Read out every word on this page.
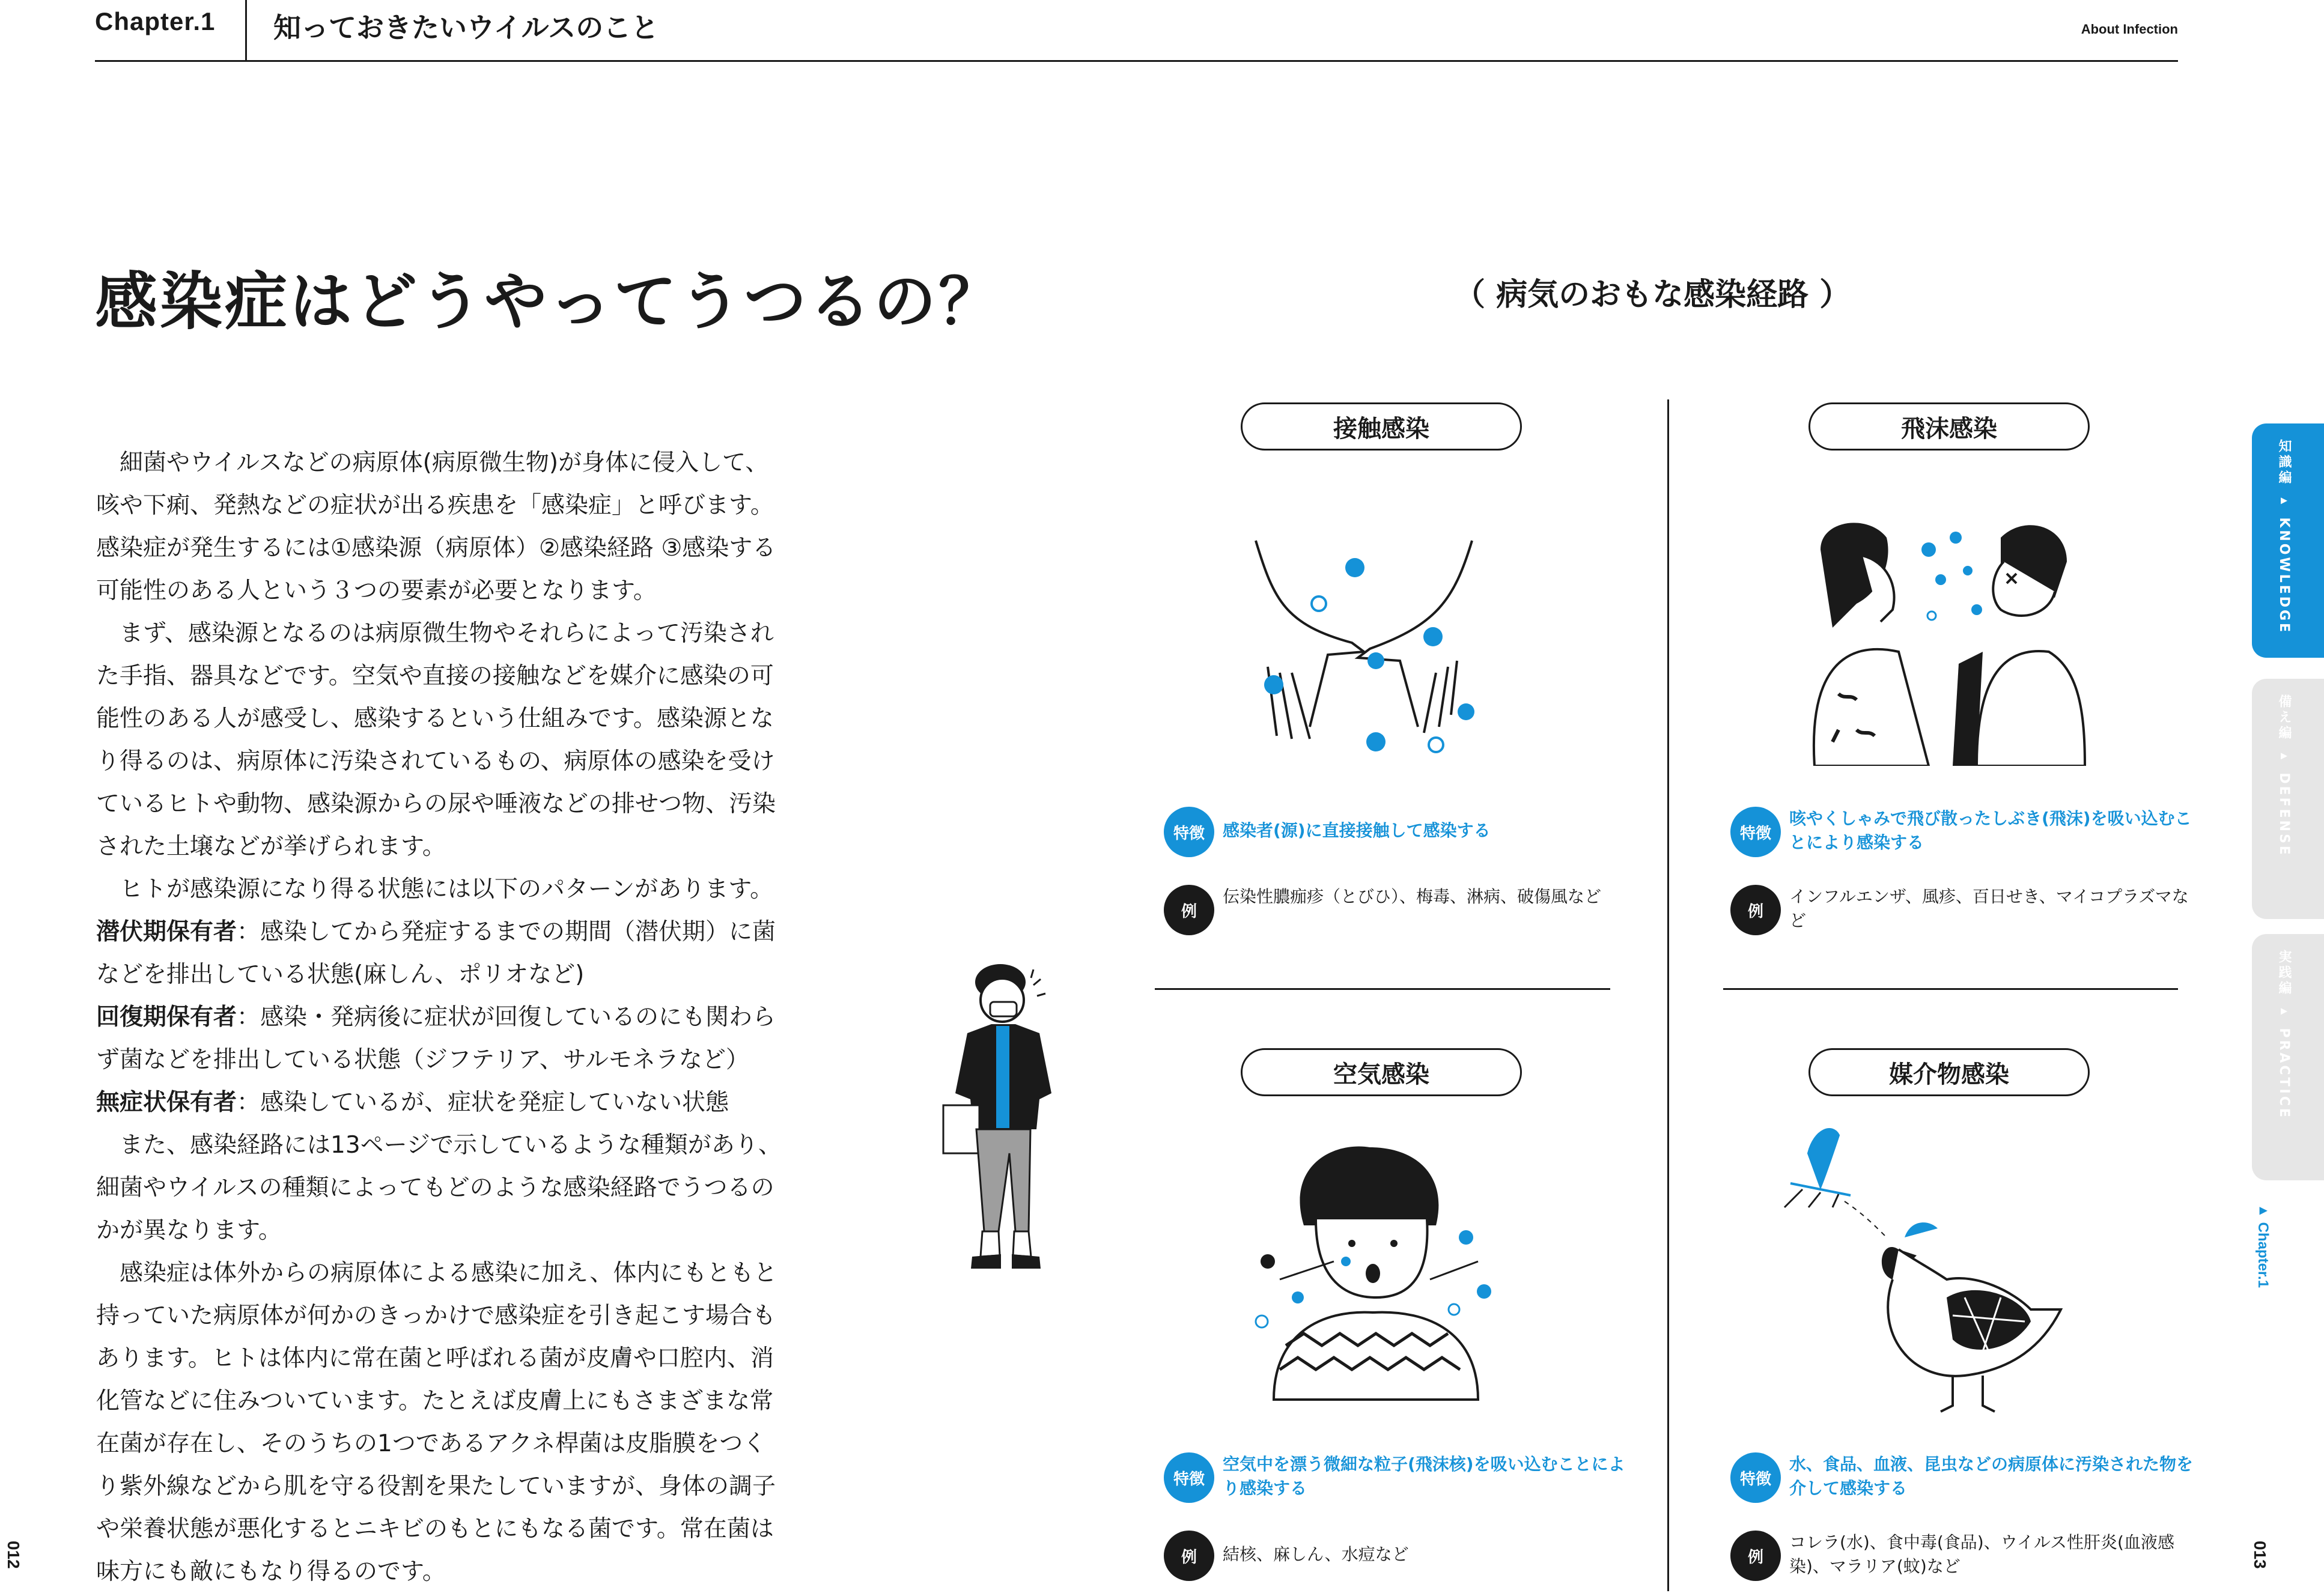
Chapter.1 知っておきたいウイルスのこと	About Infection
感染症はどうやってうつるの？	（ 病気のおもな感染経路 ）

細菌やウイルスなどの病原体(病原微生物)が身体に侵入して、咳や下痢、発熱などの症状が出る疾患を「感染症」と呼びます。感染症が発生するには①感染源（病原体）②感染経路 ③感染する可能性のある人という３つの要素が必要となります。

まず、感染源となるのは病原微生物やそれらによって汚染された手指、器具などです。空気や直接の接触などを媒介に感染の可能性のある人が感受し、感染するという仕組みです。感染源となり得るのは、病原体に汚染されているもの、病原体の感染を受けているヒトや動物、感染源からの尿や唾液などの排せつ物、汚染された土壌などが挙げられます。

ヒトが感染源になり得る状態には以下のパターンがあります。

潜伏期保有者：感染してから発症するまでの期間（潜伏期）に菌などを排出している状態(麻しん、ポリオなど)

回復期保有者：感染・発病後に症状が回復しているのにも関わらず菌などを排出している状態（ジフテリア、サルモネラなど）

無症状保有者：感染しているが、症状を発症していない状態

また、感染経路には13ページで示しているような種類があり、細菌やウイルスの種類によってもどのような感染経路でうつるのかが異なります。

感染症は体外からの病原体による感染に加え、体内にもともと持っていた病原体が何かのきっかけで感染症を引き起こす場合もあります。ヒトは体内に常在菌と呼ばれる菌が皮膚や口腔内、消化管などに住みついています。たとえば皮膚上にもさまざまな常在菌が存在し、そのうちの1つであるアクネ桿菌は皮脂膜をつくり紫外線などから肌を守る役割を果たしていますが、身体の調子や栄養状態が悪化するとニキビのもとにもなる菌です。常在菌は味方にも敵にもなり得るのです。

接触感染
特徴	感染者(源)に直接接触して感染する
例
伝染性膿痂疹（とびひ）、梅毒、淋病、破傷風など
飛沫感染
特徴
咳やくしゃみで飛び散ったしぶき(飛沫)を吸い込むことにより感染する
例
インフルエンザ、風疹、百日せき、マイコプラズマなど
空気感染
特徴
空気中を漂う微細な粒子(飛沫核)を吸い込むことにより感染する
例	結核、麻しん、水痘など
媒介物感染
特徴
水、食品、血液、昆虫などの病原体に汚染された物を介して感染する
例
コレラ(水)、食中毒(食品)、ウイルス性肝炎(血液感染)、マラリア(蚊)など
知識編 ▸ KNOWLEDGE
備え編 ▸ DEFENSE
実践編 ▸ PRACTICE
▸ Chapter.1
012	013
